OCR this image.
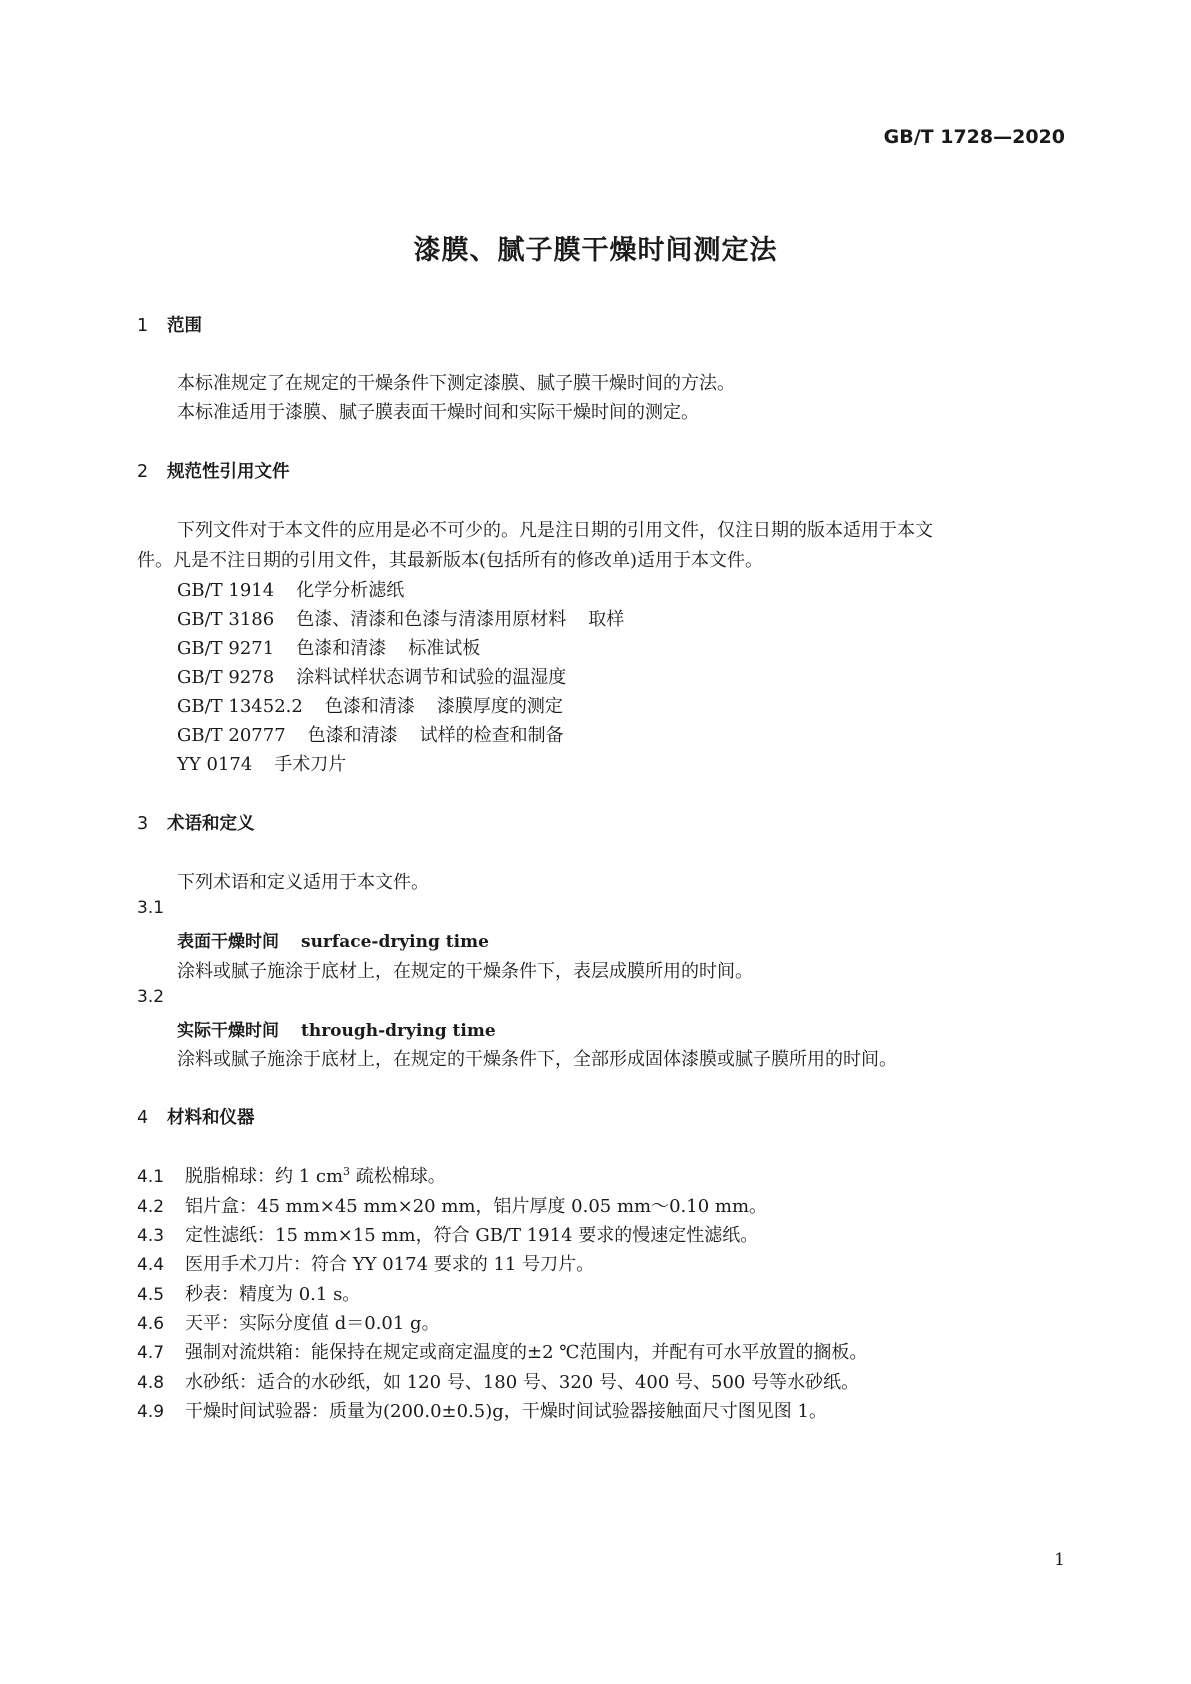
GB/T 1728—2020
漆膜、腻子膜干燥时间测定法
1 范围
本标准规定了在规定的干燥条件下测定漆膜、腻子膜干燥时间的方法。
本标准适用于漆膜、腻子膜表面干燥时间和实际干燥时间的测定。
2 规范性引用文件
下列文件对于本文件的应用是必不可少的。凡是注日期的引用文件，仅注日期的版本适用于本文
件。凡是不注日期的引用文件，其最新版本(包括所有的修改单)适用于本文件。
GB/T 1914 化学分析滤纸
GB/T 3186 色漆、清漆和色漆与清漆用原材料 取样
GB/T 9271 色漆和清漆 标准试板
GB/T 9278 涂料试样状态调节和试验的温湿度
GB/T 13452.2 色漆和清漆 漆膜厚度的测定
GB/T 20777 色漆和清漆 试样的检查和制备
YY 0174 手术刀片
3 术语和定义
下列术语和定义适用于本文件。
3.1
表面干燥时间 surface-drying time
涂料或腻子施涂于底材上，在规定的干燥条件下，表层成膜所用的时间。
3.2
实际干燥时间 through-drying time
涂料或腻子施涂于底材上，在规定的干燥条件下，全部形成固体漆膜或腻子膜所用的时间。
4 材料和仪器
4.1 脱脂棉球：约 1 $cm^3$ 疏松棉球。
4.2 铝片盒：45 mm×45 mm×20 mm，铝片厚度 0.05 mm～0.10 mm。
4.3 定性滤纸：15 mm×15 mm，符合 GB/T 1914 要求的慢速定性滤纸。
4.4 医用手术刀片：符合 YY 0174 要求的 11 号刀片。
4.5 秒表：精度为 0.1 s。
4.6 天平：实际分度值 d＝0.01 g。
4.7 强制对流烘箱：能保持在规定或商定温度的±2 ℃范围内，并配有可水平放置的搁板。
4.8 水砂纸：适合的水砂纸，如 120 号、180 号、320 号、400 号、500 号等水砂纸。
4.9 干燥时间试验器：质量为(200.0±0.5)g，干燥时间试验器接触面尺寸图见图 1。
1
